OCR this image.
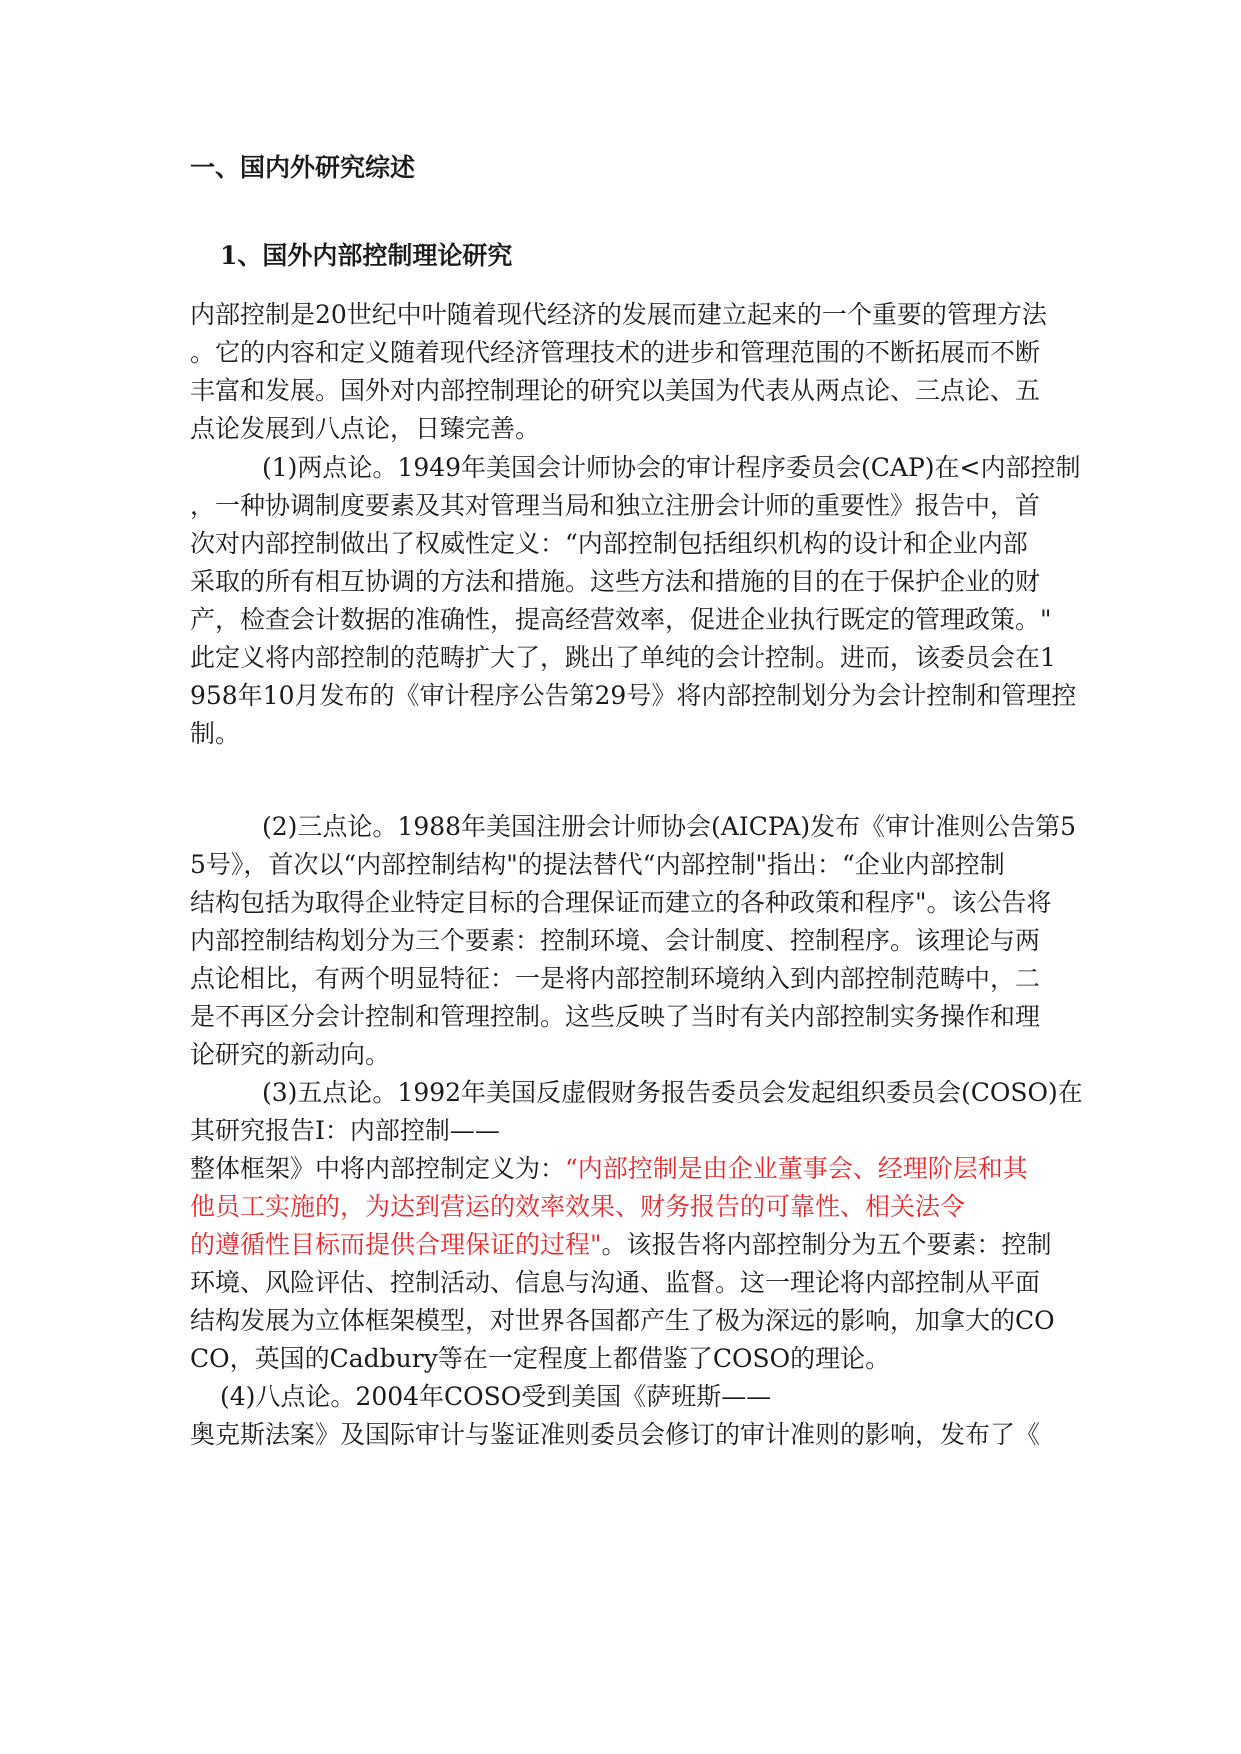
一、国内外研究综述
1、国外内部控制理论研究
内部控制是20世纪中叶随着现代经济的发展而建立起来的一个重要的管理方法
。它的内容和定义随着现代经济管理技术的进步和管理范围的不断拓展而不断
丰富和发展。国外对内部控制理论的研究以美国为代表从两点论、三点论、五
点论发展到八点论，日臻完善。
(1)两点论。1949年美国会计师协会的审计程序委员会(CAP)在<内部控制
，一种协调制度要素及其对管理当局和独立注册会计师的重要性》报告中，首
次对内部控制做出了权威性定义：“内部控制包括组织机构的设计和企业内部
采取的所有相互协调的方法和措施。这些方法和措施的目的在于保护企业的财
产，检查会计数据的准确性，提高经营效率，促进企业执行既定的管理政策。"
此定义将内部控制的范畴扩大了，跳出了单纯的会计控制。进而，该委员会在1
958年10月发布的《审计程序公告第29号》将内部控制划分为会计控制和管理控
制。
(2)三点论。1988年美国注册会计师协会(AICPA)发布《审计准则公告第5
5号》，首次以“内部控制结构"的提法替代“内部控制"指出：“企业内部控制
结构包括为取得企业特定目标的合理保证而建立的各种政策和程序"。该公告将
内部控制结构划分为三个要素：控制环境、会计制度、控制程序。该理论与两
点论相比，有两个明显特征：一是将内部控制环境纳入到内部控制范畴中，二
是不再区分会计控制和管理控制。这些反映了当时有关内部控制实务操作和理
论研究的新动向。
(3)五点论。1992年美国反虚假财务报告委员会发起组织委员会(COSO)在
其研究报告I：内部控制——
整体框架》中将内部控制定义为：“内部控制是由企业董事会、经理阶层和其
他员工实施的，为达到营运的效率效果、财务报告的可靠性、相关法令
的遵循性目标而提供合理保证的过程"。该报告将内部控制分为五个要素：控制
环境、风险评估、控制活动、信息与沟通、监督。这一理论将内部控制从平面
结构发展为立体框架模型，对世界各国都产生了极为深远的影响，加拿大的CO
CO，英国的Cadbury等在一定程度上都借鉴了COSO的理论。
(4)八点论。2004年COSO受到美国《萨班斯——
奥克斯法案》及国际审计与鉴证准则委员会修订的审计准则的影响，发布了《
